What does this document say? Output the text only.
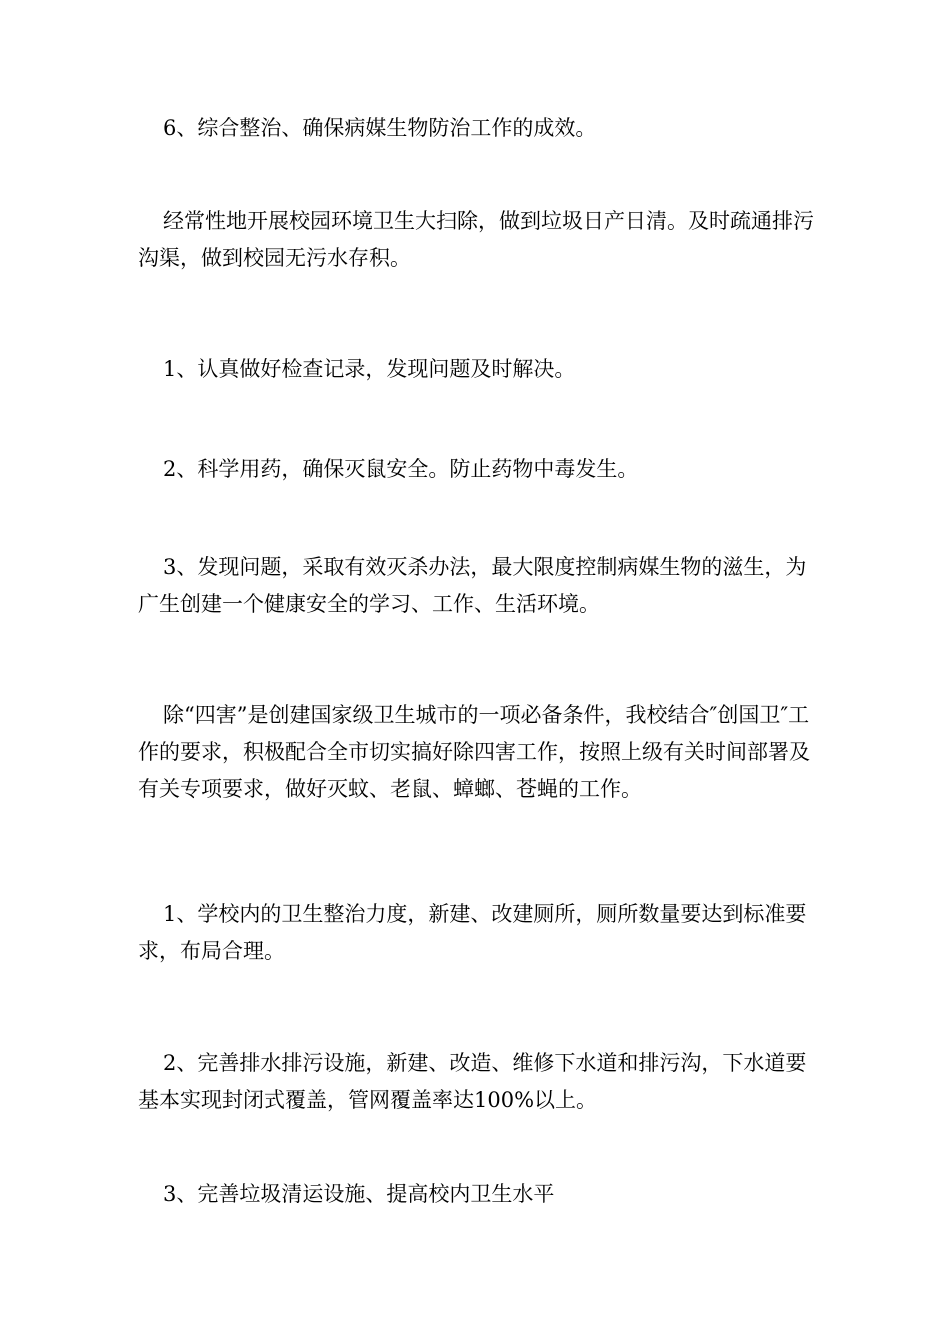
6、综合整治、确保病媒生物防治工作的成效。

经常性地开展校园环境卫生大扫除，做到垃圾日产日清。及时疏通排污沟渠，做到校园无污水存积。

1、认真做好检查记录，发现问题及时解决。

2、科学用药，确保灭鼠安全。防止药物中毒发生。

3、发现问题，采取有效灭杀办法，最大限度控制病媒生物的滋生，为广生创建一个健康安全的学习、工作、生活环境。

除“四害”是创建国家级卫生城市的一项必备条件，我校结合″创国卫″工作的要求，积极配合全市切实搞好除四害工作，按照上级有关时间部署及有关专项要求，做好灭蚊、老鼠、蟑螂、苍蝇的工作。

1、学校内的卫生整治力度，新建、改建厕所，厕所数量要达到标准要求，布局合理。

2、完善排水排污设施，新建、改造、维修下水道和排污沟，下水道要基本实现封闭式覆盖，管网覆盖率达100%以上。

3、完善垃圾清运设施、提高校内卫生水平
